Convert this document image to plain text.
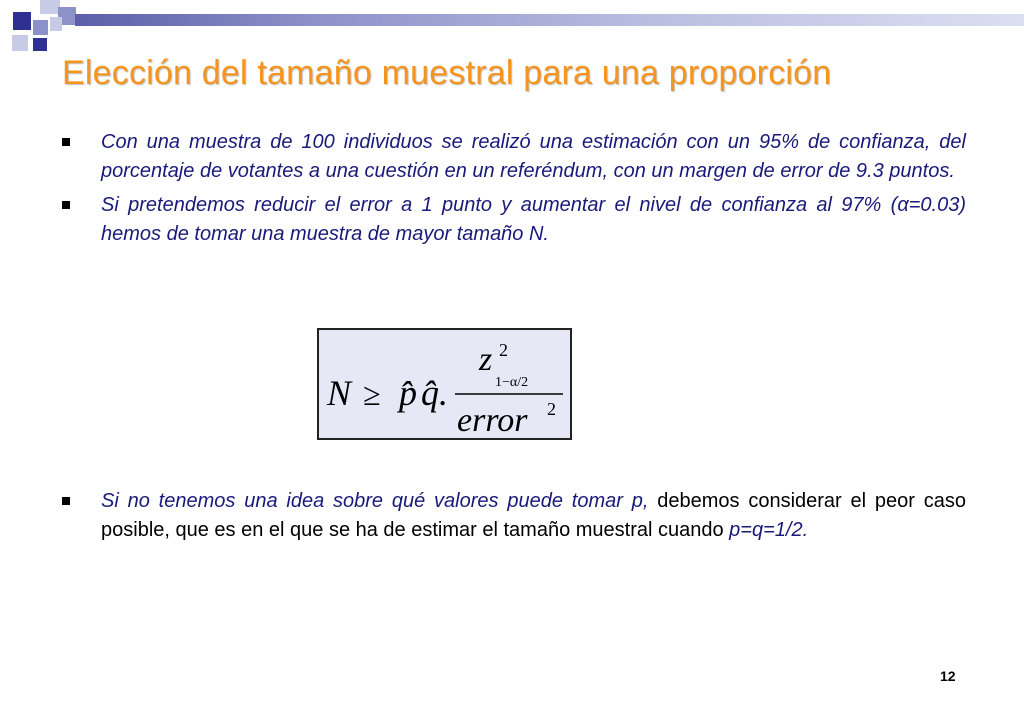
Elección del tamaño muestral para una proporción
Con una muestra de 100 individuos se realizó una estimación con un 95% de confianza, del porcentaje de votantes a una cuestión en un referéndum, con un margen de error de 9.3 puntos.
Si pretendemos reducir el error a 1 punto y aumentar el nivel de confianza al 97% (α=0.03) hemos de tomar una muestra de mayor tamaño N.
N ≥ p̂ q̂.
z 2
1−α/2
error 2
Si no tenemos una idea sobre qué valores puede tomar p, debemos considerar el peor caso posible, que es en el que se ha de estimar el tamaño muestral cuando p=q=1/2.
12
